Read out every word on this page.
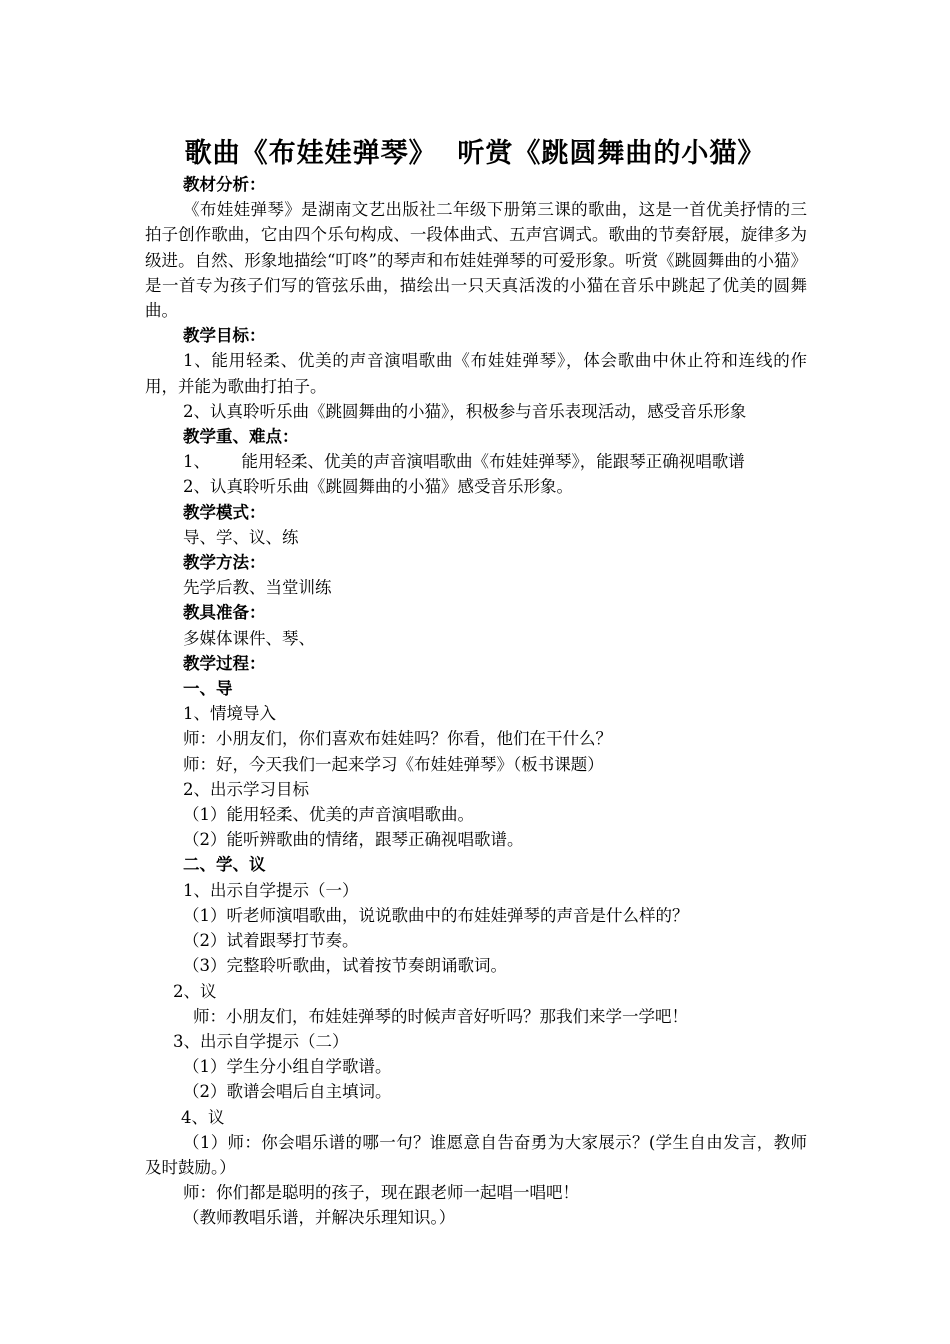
歌曲《布娃娃弹琴》  听赏《跳圆舞曲的小猫》

教材分析：

《布娃娃弹琴》是湖南文艺出版社二年级下册第三课的歌曲，这是一首优美抒情的三拍子创作歌曲，它由四个乐句构成、一段体曲式、五声宫调式。歌曲的节奏舒展，旋律多为级进。自然、形象地描绘“叮咚”的琴声和布娃娃弹琴的可爱形象。听赏《跳圆舞曲的小猫》是一首专为孩子们写的管弦乐曲，描绘出一只天真活泼的小猫在音乐中跳起了优美的圆舞曲。

教学目标：

1、能用轻柔、优美的声音演唱歌曲《布娃娃弹琴》，体会歌曲中休止符和连线的作用，并能为歌曲打拍子。

2、认真聆听乐曲《跳圆舞曲的小猫》，积极参与音乐表现活动，感受音乐形象

教学重、难点：

1、      能用轻柔、优美的声音演唱歌曲《布娃娃弹琴》，能跟琴正确视唱歌谱

2、认真聆听乐曲《跳圆舞曲的小猫》感受音乐形象。

教学模式：

导、学、议、练

教学方法：

先学后教、当堂训练

教具准备：

多媒体课件、琴、

教学过程：

一、导

1、情境导入

师：小朋友们，你们喜欢布娃娃吗？你看，他们在干什么？

师：好，今天我们一起来学习《布娃娃弹琴》（板书课题）

2、出示学习目标

（1）能用轻柔、优美的声音演唱歌曲。

（2）能听辨歌曲的情绪，跟琴正确视唱歌谱。

二、学、议

1、出示自学提示（一）

（1）听老师演唱歌曲，说说歌曲中的布娃娃弹琴的声音是什么样的？

（2）试着跟琴打节奏。

（3）完整聆听歌曲，试着按节奏朗诵歌词。

2、议

师：小朋友们，布娃娃弹琴的时候声音好听吗？那我们来学一学吧！

3、出示自学提示（二）

（1）学生分小组自学歌谱。

（2）歌谱会唱后自主填词。

4、议

（1）师：你会唱乐谱的哪一句？谁愿意自告奋勇为大家展示？(学生自由发言，教师及时鼓励。）

师：你们都是聪明的孩子，现在跟老师一起唱一唱吧！

（教师教唱乐谱，并解决乐理知识。）
